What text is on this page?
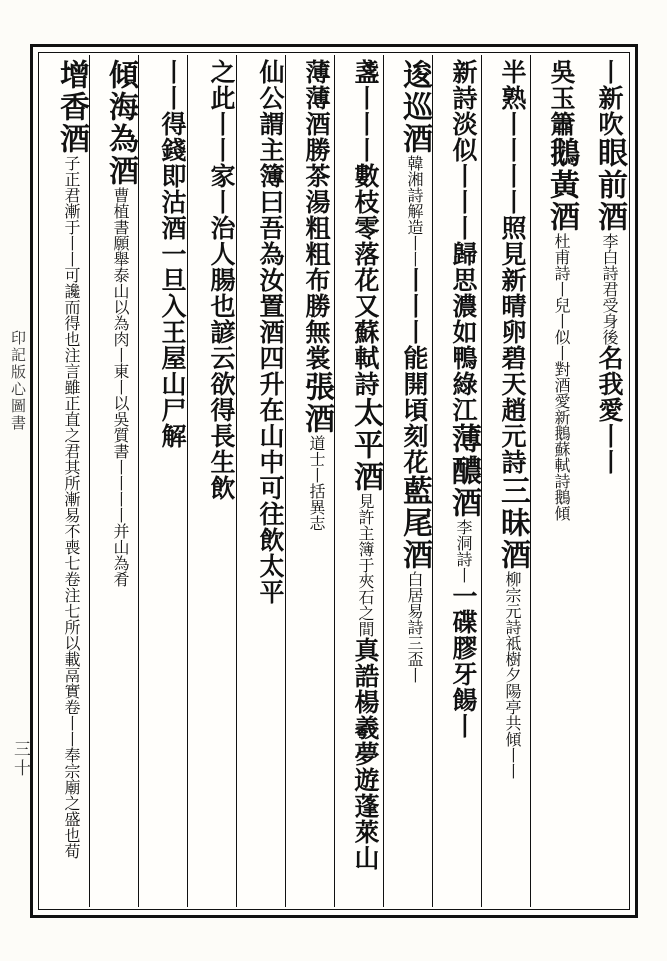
丨新吹眼前酒李白詩君受身後名我愛丨丨
吳玉簫鵝黃酒杜甫詩丨兒丨似丨對酒愛新鵝蘇軾詩鵝傾
半熟丨丨丨丨照見新晴卵碧天趙元詩三昧酒柳宗元詩祗樹夕陽亭共傾丨丨
新詩淡似丨丨丨歸思濃如鴨綠江薄醲酒李洞詩丨一碟膠牙餳丨
逡巡酒韓湘詩解造丨丨丨丨丨能開頃刻花藍尾酒白居易詩三盃丨
盞丨丨丨數枝零落花又蘇軾詩太平酒見許主簿于夾石之間真誥楊羲夢遊蓬萊山
薄薄酒勝茶湯粗粗布勝無裳張酒道士丨括異志
仙公謂主簿曰吾為汝置酒四升在山中可往飲太平
之此丨丨家丨治人腸也諺云欲得長生飲
丨丨得錢即沽酒一旦入王屋山尸解
傾海為酒曹植書願舉泰山以為肉丨東丨以吳質書丨丨丨丨并山為肴
增香酒子正君漸于丨丨可讒而得也注言雖正直之君其所漸易不喪七卷注七所以載鬲實卷丨丨奉宗廟之盛也荀
印記版心圖書
三十
